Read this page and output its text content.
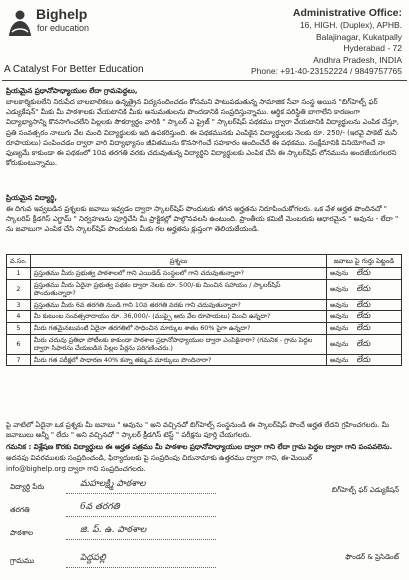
Bighelp
for education
A Catalyst For Better Education
Administrative Office:
16, HIGH. (Duplex), APHB.
Balajinagar, Kukatpally
Hyderabad - 72
Andhra Pradesh, INDIA
Phone: +91-40-23152224 / 9849757765
ప్రియమైన ప్రధానోపాధ్యాయుల లేదా గ్రామపెద్దలు,
బాలకార్మికులలేని నిరుపేద బాలబాలికలు ఉన్నత్రైన విద్యనందించడం కోసమని పాటుపడుతున్న సామాజిక సేవా సంస్థ అయిన "బిగ్‌హెల్ప్ ఫర్ ఎడ్యుకేషన్" మీకు మీ పాఠశాలకు వేయటానికి మీకు అనుమతులను పొందడానికి సంప్రదిస్తున్నాము. ఆర్థిక పరిస్థితి బాగాలేని కారణంగా విద్యాభ్యాసాన్ని కొనసాగించలేని పిల్లలకు సౌకర్యార్థం వారికి " స్కాలర్ ఎ ప్రైజ్ " స్కాలర్‌షిప్ పథకము ద్వారా వేయటానికి విద్యార్థులను ఎంపిక చేస్తూ, ప్రతి సంవత్సరం నాలుగు వేల మంది విద్యార్థులకు ఇది ఉపకరిస్తుంది. ఈ పథకమునకు ఎంపికైన విద్యార్థులకు నెలకు రూ. 250/- (ఇరవై పాకెట్ మనీ రూపాయలు) పంపించడం ద్వారా వారి విద్యాభ్యాసం జీవితమును కొనసాగించే సహకారం అందించేదే ఈ పథకము. సంక్షేమానికి వినియోగించే నా ఫుణ్యమే కాకుండా ఈ పథకంలో 10వ తరగతి వరకు చదువుతున్న విద్యార్థిని విద్యార్థులకు ఎంపిక చేసి ఈ స్కాలర్‌షిప్ లోనమును అందజేయగలరని కోరుకుంటున్నాము.
ప్రియమైన విద్యార్థి,
ఈ దిగువ ఇవ్వబడిన ప్రశ్నలకు జవాబు ఇవ్వడం ద్వారా స్కాలర్‌షిప్ పొందుటకు తగిన అర్హతను నిరూపించుకోగలరు. ఒక వేళ అర్హత పొందినచో " స్కాలరిప్ క్రీడగిస్ ఎగ్జామ్ " నిర్వహణను పూర్తిచేసి మీ ప్రాక్టికల్లో పాల్గొనవలసి ఉంటుంది. ప్రాంతీయ కమిటీ మెంబరుకు ఆధారమైన " అవును - లేదా " ను జవాబుగా ఎంపిక చేసి స్కాలర్‌షిప్ పొందుటకు మీకు గల అర్హతను క్లుప్తంగా తెలియజేయండి.
వ.సం.	ప్రశ్నలు	జవాబు పై గుర్తు పెట్టండి
1	ప్రస్తుతము మీరు ప్రభుత్వ పాఠశాలలో గాని ఎయిడెడ్ సంస్థలలో గాని చదువుతున్నారా?	అవును లేదు
2	ప్రస్తుతము మీరు ఏదైనా ప్రభుత్వ పథకం ద్వారా నెలకు రూ. 500/-కు మించిన సహాయం / స్కాలర్‌షిప్ పొందుతున్నారా?	అవును లేదు
3	ప్రస్తుతము మీరు 6వ తరగతి నుండి గాని 10వ తరగతి వరకు గాని చదువుతున్నారా?	అవును లేదు
4	మీ కుటుంబ సంవత్సరాదాయం రూ. 36,000/- (ముప్పై ఆరు వేల రూపాయలు) మించి ఉన్నదా?	అవును లేదు
5	మీరు గతమైనటువంటి ఏదైనా తరగతిలో సాధించిన మార్కుల శాతం 60% పైగా ఉన్నదా?	అవును లేదు
6	మీరు చదువు ప్రతిభా పోటీలకు కాకుండా పాఠశాల ప్రధానోపాధ్యాయుల ద్వారా ఎంపికైనారా? (గమనిక - గ్రామ పెద్దల ద్వారా సిఫారసు చేయబడిన పిల్లల పేర్లను పరిగణించరు.)	అవును లేదు
7	మీరు గత పరీక్షలో సాధారణ 40% కన్నా తక్కువ మార్కులు పొందినారా?	అవును లేదు
పై వాటిలో ఏదైనా ఒక ప్రశ్నకు మీ జవాబు " అవును " అని వచ్చినచో బిగ్‌హెల్ప్ సంస్థనుండి ఈ స్కాలర్‌షిప్ పొందే అర్హత లేదని గ్రహించగలరు. మీ జవాబులు అన్నీ " లేదు " అని వచ్చినచో " స్కాలర్ క్రీడగిస్ టెస్ట్ " పరీక్షను పూర్తి చేయగలరు.
గమనిక : విశ్లేషణ కొరకు విద్యార్థులు ఈ అర్హత పత్రము మీ పాఠశాల ప్రధానోపాధ్యాయుల ద్వారా గాని లేదా గ్రామ పెద్దల ద్వారా గాని పంపవలెను.
అదనపు వివరములకు సంప్రదించండి, ఫిర్యాదులకు పై సంప్రదింపు చిరునామాకు ఉత్తరము ద్వారా గాని, ఈ-మెయిల్
info@bighelp.org ద్వారా గాని సంప్రదించగలరు.
విద్యార్థి పేరు	మహలక్ష్మి పాఠశాల
తరగతి	6వ తరగతి
పాఠశాల	జి. ప్. ఉ. పాఠశాల
గ్రామము	పెద్దపల్లి
బిగ్‌హెల్ప్ ఫర్ ఎడ్యుకేషన్
ఫౌండర్ & ప్రెసిడెంట్
